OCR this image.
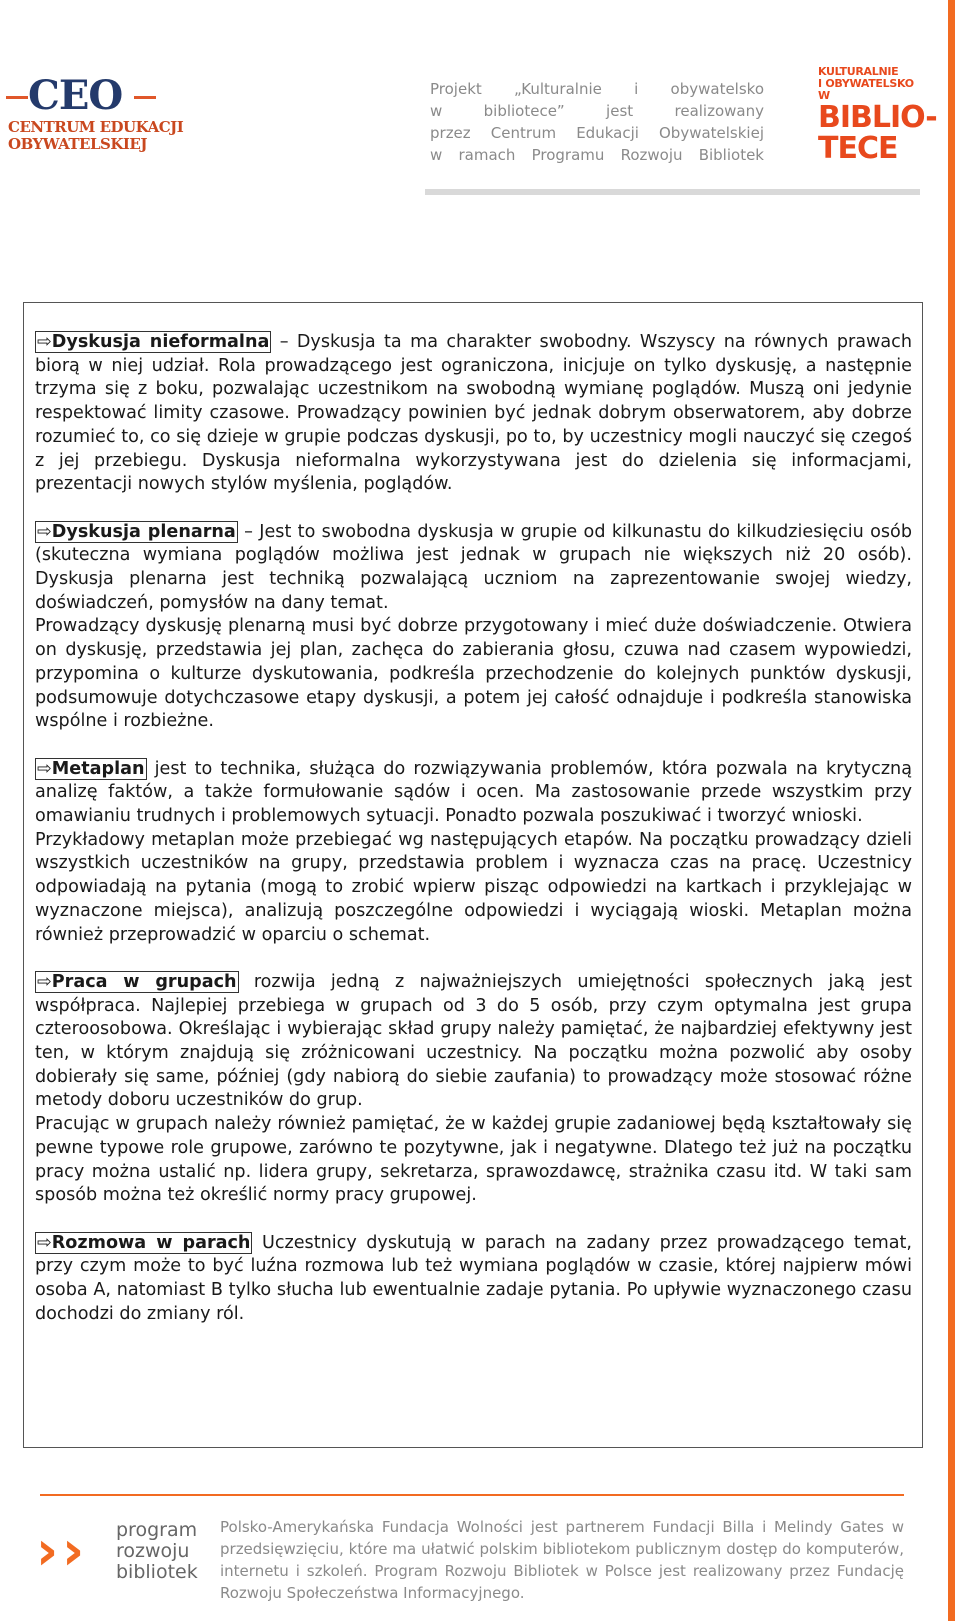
CEO
CENTRUM EDUKACJI
OBYWATELSKIEJ
Projekt „Kulturalnie i obywatelsko
w bibliotece” jest realizowany
przez Centrum Edukacji Obywatelskiej
w ramach Programu Rozwoju Bibliotek
KULTURALNIE
I OBYWATELSKO
W
BIBLIO-
TECE

⇨Dyskusja nieformalna – Dyskusja ta ma charakter swobodny. Wszyscy na równych prawach biorą w niej udział. Rola prowadzącego jest ograniczona, inicjuje on tylko dyskusję, a następnie trzyma się z boku, pozwalając uczestnikom na swobodną wymianę poglądów. Muszą oni jedynie respektować limity czasowe. Prowadzący powinien być jednak dobrym obserwatorem, aby dobrze rozumieć to, co się dzieje w grupie podczas dyskusji, po to, by uczestnicy mogli nauczyć się czegoś z jej przebiegu. Dyskusja nieformalna wykorzystywana jest do dzielenia się informacjami, prezentacji nowych stylów myślenia, poglądów.

⇨Dyskusja plenarna – Jest to swobodna dyskusja w grupie od kilkunastu do kilkudziesięciu osób (skuteczna wymiana poglądów możliwa jest jednak w grupach nie większych niż 20 osób). Dyskusja plenarna jest techniką pozwalającą uczniom na zaprezentowanie swojej wiedzy, doświadczeń, pomysłów na dany temat.

Prowadzący dyskusję plenarną musi być dobrze przygotowany i mieć duże doświadczenie. Otwiera on dyskusję, przedstawia jej plan, zachęca do zabierania głosu, czuwa nad czasem wypowiedzi, przypomina o kulturze dyskutowania, podkreśla przechodzenie do kolejnych punktów dyskusji, podsumowuje dotychczasowe etapy dyskusji, a potem jej całość odnajduje i podkreśla stanowiska wspólne i rozbieżne.

⇨Metaplan jest to technika, służąca do rozwiązywania problemów, która pozwala na krytyczną analizę faktów, a także formułowanie sądów i ocen. Ma zastosowanie przede wszystkim przy omawianiu trudnych i problemowych sytuacji. Ponadto pozwala poszukiwać i tworzyć wnioski.

Przykładowy metaplan może przebiegać wg następujących etapów. Na początku prowadzący dzieli wszystkich uczestników na grupy, przedstawia problem i wyznacza czas na pracę. Uczestnicy odpowiadają na pytania (mogą to zrobić wpierw pisząc odpowiedzi na kartkach i przyklejając w wyznaczone miejsca), analizują poszczególne odpowiedzi i wyciągają wioski. Metaplan można również przeprowadzić w oparciu o schemat.

⇨Praca w grupach rozwija jedną z najważniejszych umiejętności społecznych jaką jest współpraca. Najlepiej przebiega w grupach od 3 do 5 osób, przy czym optymalna jest grupa czteroosobowa. Określając i wybierając skład grupy należy pamiętać, że najbardziej efektywny jest ten, w którym znajdują się zróżnicowani uczestnicy. Na początku można pozwolić aby osoby dobierały się same, później (gdy nabiorą do siebie zaufania) to prowadzący może stosować różne metody doboru uczestników do grup.

Pracując w grupach należy również pamiętać, że w każdej grupie zadaniowej będą kształtowały się pewne typowe role grupowe, zarówno te pozytywne, jak i negatywne. Dlatego też już na początku pracy można ustalić np. lidera grupy, sekretarza, sprawozdawcę, strażnika czasu itd. W taki sam sposób można też określić normy pracy grupowej.

⇨Rozmowa w parach Uczestnicy dyskutują w parach na zadany przez prowadzącego temat, przy czym może to być luźna rozmowa lub też wymiana poglądów w czasie, której najpierw mówi osoba A, natomiast B tylko słucha lub ewentualnie zadaje pytania. Po upływie wyznaczonego czasu dochodzi do zmiany ról.

› › program
rozwoju
bibliotek
Polsko-Amerykańska Fundacja Wolności jest partnerem Fundacji Billa i Melindy Gates w przedsięwzięciu, które ma ułatwić polskim bibliotekom publicznym dostęp do komputerów, internetu i szkoleń. Program Rozwoju Bibliotek w Polsce jest realizowany przez Fundację Rozwoju Społeczeństwa Informacyjnego.
